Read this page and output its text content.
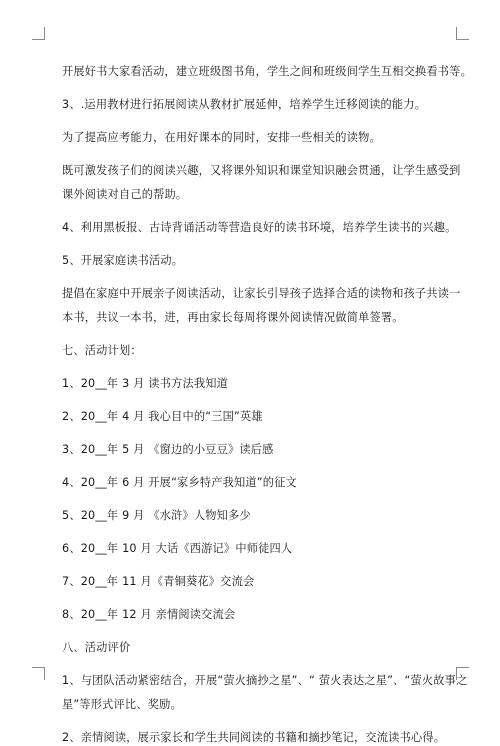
开展好书大家看活动，建立班级图书角，学生之间和班级间学生互相交换看书等。
3、.运用教材进行拓展阅读从教材扩展延伸，培养学生迁移阅读的能力。
为了提高应考能力，在用好课本的同时，安排一些相关的读物。
既可激发孩子们的阅读兴趣，又将课外知识和课堂知识融会贯通，让学生感受到
课外阅读对自己的帮助。
4、利用黑板报、古诗背诵活动等营造良好的读书环境，培养学生读书的兴趣。
5、开展家庭读书活动。
提倡在家庭中开展亲子阅读活动，让家长引导孩子选择合适的读物和孩子共读一
本书，共议一本书，进，再由家长每周将课外阅读情况做简单签署。
七、活动计划：
1、20__年 3 月 读书方法我知道
2、20__年 4 月 我心目中的“三国”英雄
3、20__年 5 月 《窗边的小豆豆》读后感
4、20__年 6 月 开展“家乡特产我知道”的征文
5、20__年 9 月 《水浒》人物知多少
6、20__年 10 月 大话《西游记》中师徒四人
7、20__年 11 月《青铜葵花》交流会
8、20__年 12 月 亲情阅读交流会
八、活动评价
1、与团队活动紧密结合，开展“萤火摘抄之星”、“ 萤火表达之星”、“萤火故事之
星”等形式评比、奖励。
2、亲情阅读，展示家长和学生共同阅读的书籍和摘抄笔记，交流读书心得。
